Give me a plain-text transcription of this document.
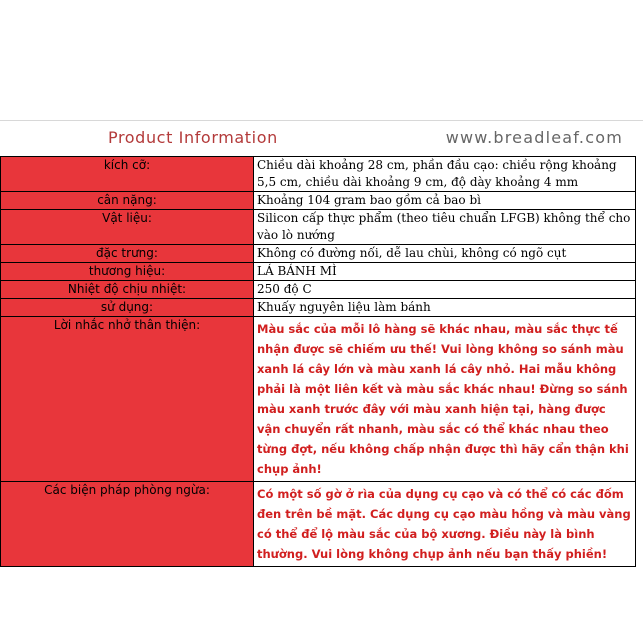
Product Information	www.breadleaf.com
kích cỡ:	Chiều dài khoảng 28 cm, phần đầu cạo: chiều rộng khoảng 5,5 cm, chiều dài khoảng 9 cm, độ dày khoảng 4 mm
cân nặng:	Khoảng 104 gram bao gồm cả bao bì
Vật liệu:	Silicon cấp thực phẩm (theo tiêu chuẩn LFGB) không thể cho vào lò nướng
đặc trưng:	Không có đường nối, dễ lau chùi, không có ngõ cụt
thương hiệu:	LÁ BÁNH MÌ
Nhiệt độ chịu nhiệt:	250 độ C
sử dụng:	Khuấy nguyên liệu làm bánh
Lời nhắc nhở thân thiện:	Màu sắc của mỗi lô hàng sẽ khác nhau, màu sắc thực tế nhận được sẽ chiếm ưu thế! Vui lòng không so sánh màu xanh lá cây lớn và màu xanh lá cây nhỏ. Hai mẫu không phải là một liên kết và màu sắc khác nhau! Đừng so sánh màu xanh trước đây với màu xanh hiện tại, hàng được vận chuyển rất nhanh, màu sắc có thể khác nhau theo từng đợt, nếu không chấp nhận được thì hãy cẩn thận khi chụp ảnh!
Các biện pháp phòng ngừa:	Có một số gờ ở rìa của dụng cụ cạo và có thể có các đốm đen trên bề mặt. Các dụng cụ cạo màu hồng và màu vàng có thể để lộ màu sắc của bộ xương. Điều này là bình thường. Vui lòng không chụp ảnh nếu bạn thấy phiền!
